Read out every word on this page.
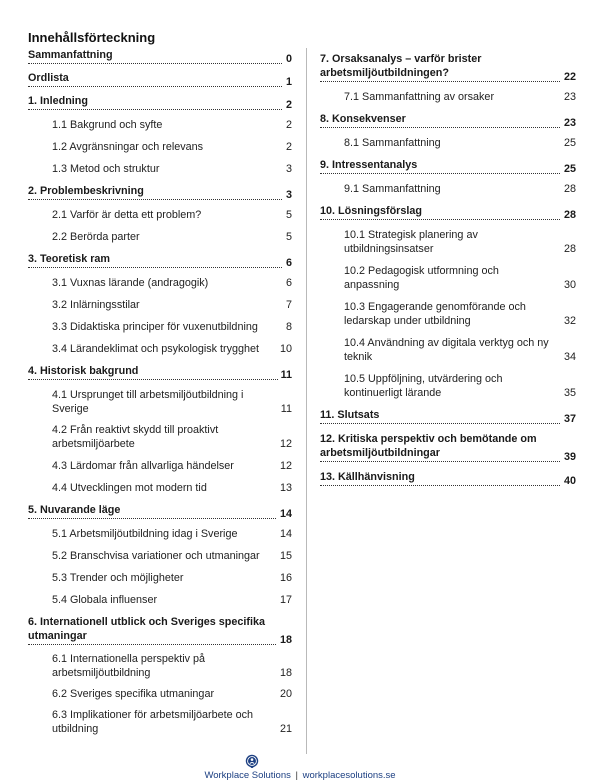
Innehållsförteckning
Sammanfattning	0
Ordlista	1
1. Inledning	2
1.1 Bakgrund och syfte	2
1.2 Avgränsningar och relevans	2
1.3 Metod och struktur	3
2. Problembeskrivning	3
2.1 Varför är detta ett problem?	5
2.2 Berörda parter	5
3. Teoretisk ram	6
3.1 Vuxnas lärande (andragogik)	6
3.2 Inlärningsstilar	7
3.3 Didaktiska principer för vuxenutbildning	8
3.4 Lärandeklimat och psykologisk trygghet	10
4. Historisk bakgrund	11
4.1 Ursprunget till arbetsmiljöutbildning i Sverige	11
4.2 Från reaktivt skydd till proaktivt arbetsmiljöarbete	12
4.3 Lärdomar från allvarliga händelser	12
4.4 Utvecklingen mot modern tid	13
5. Nuvarande läge	14
5.1 Arbetsmiljöutbildning idag i Sverige	14
5.2 Branschvisa variationer och utmaningar	15
5.3 Trender och möjligheter	16
5.4 Globala influenser	17
6. Internationell utblick och Sveriges specifika utmaningar	18
6.1 Internationella perspektiv på arbetsmiljöutbildning	18
6.2 Sveriges specifika utmaningar	20
6.3 Implikationer för arbetsmiljöarbete och utbildning	21
7. Orsaksanalys – varför brister arbetsmiljöutbildningen?	22
7.1 Sammanfattning av orsaker	23
8. Konsekvenser	23
8.1 Sammanfattning	25
9. Intressentanalys	25
9.1 Sammanfattning	28
10. Lösningsförslag	28
10.1 Strategisk planering av utbildningsinsatser	28
10.2 Pedagogisk utformning och anpassning	30
10.3 Engagerande genomförande och ledarskap under utbildning	32
10.4 Användning av digitala verktyg och ny teknik	34
10.5 Uppföljning, utvärdering och kontinuerligt lärande	35
11. Slutsats	37
12. Kritiska perspektiv och bemötande om arbetsmiljöutbildningar	39
13. Källhänvisning	40
Workplace Solutions | workplacesolutions.se
